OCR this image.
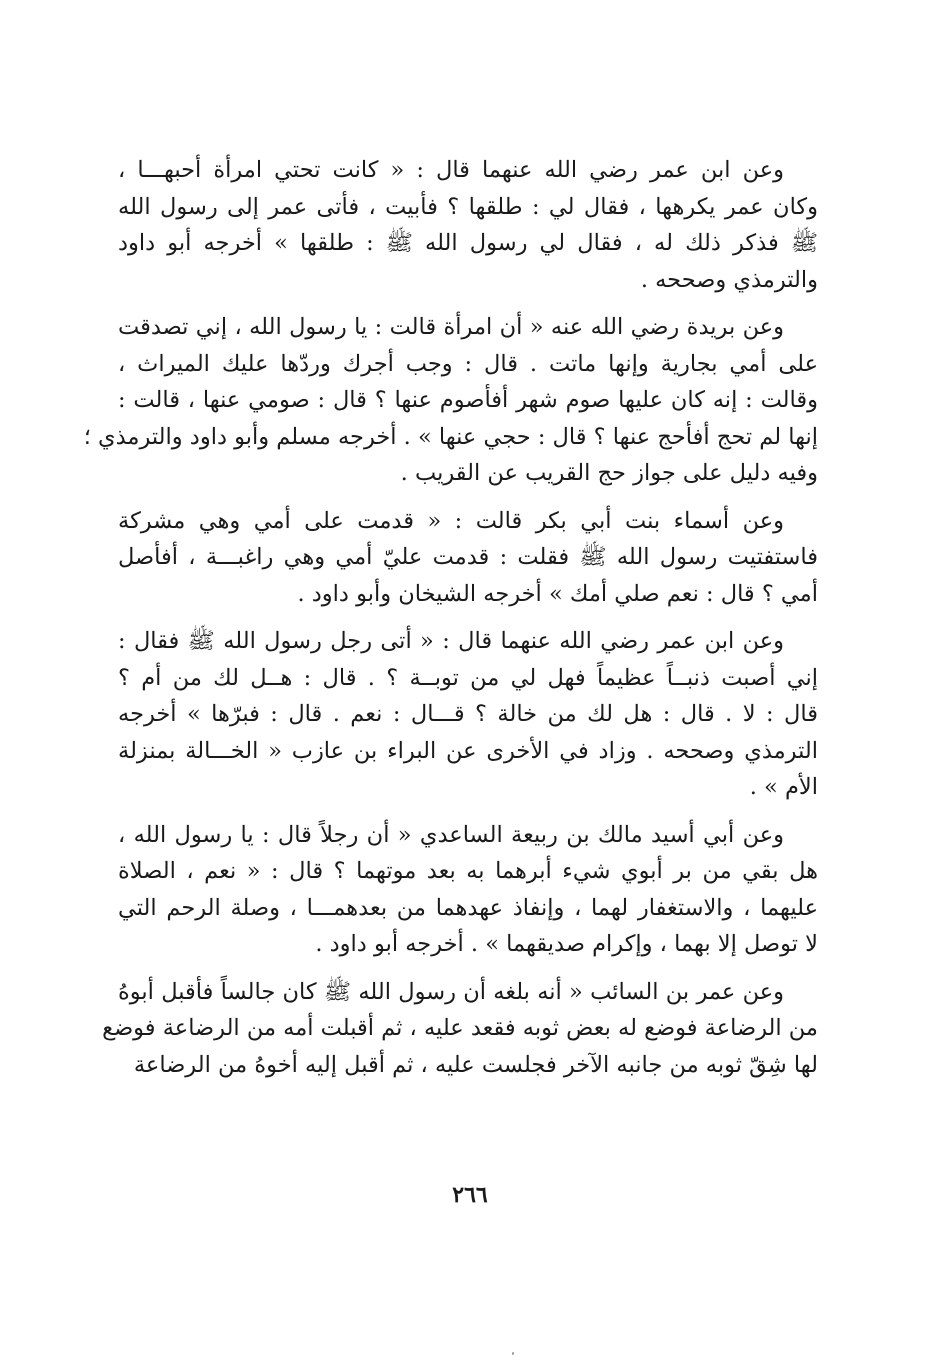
وعن ابن عمر رضي الله عنهما قال : « كانت تحتي امرأة أحبهـــا ،
وكان عمر يكرهها ، فقال لي : طلقها ؟ فأبيت ، فأتى عمر إلى رسول الله
ﷺ فذكر ذلك له ، فقال لي رسول الله ﷺ : طلقها » أخرجه أبو داود
والترمذي وصححه .

وعن بريدة رضي الله عنه « أن امرأة قالت : يا رسول الله ، إني تصدقت
على أمي بجارية وإنها ماتت . قال : وجب أجرك وردّها عليك الميراث ،
وقالت : إنه كان عليها صوم شهر أفأصوم عنها ؟ قال : صومي عنها ، قالت :
إنها لم تحج أفأحج عنها ؟ قال : حجي عنها » . أخرجه مسلم وأبو داود والترمذي ؛
وفيه دليل على جواز حج القريب عن القريب .

وعن أسماء بنت أبي بكر قالت : « قدمت على أمي وهي مشركة
فاستفتيت رسول الله ﷺ فقلت : قدمت عليّ أمي وهي راغبـــة ، أفأصل
أمي ؟ قال : نعم صلي أمك » أخرجه الشيخان وأبو داود .

وعن ابن عمر رضي الله عنهما قال : « أتى رجل رسول الله ﷺ فقال :
إني أصبت ذنبــاً عظيماً فهل لي من توبــة ؟ . قال : هــل لك من أم ؟
قال : لا . قال : هل لك من خالة ؟ قـــال : نعم . قال : فبرّها » أخرجه
الترمذي وصححه . وزاد في الأخرى عن البراء بن عازب « الخـــالة بمنزلة
الأم » .

وعن أبي أسيد مالك بن ربيعة الساعدي « أن رجلاً قال : يا رسول الله ،
هل بقي من بر أبوي شيء أبرهما به بعد موتهما ؟ قال : « نعم ، الصلاة
عليهما ، والاستغفار لهما ، وإنفاذ عهدهما من بعدهمـــا ، وصلة الرحم التي
لا توصل إلا بهما ، وإكرام صديقهما » . أخرجه أبو داود .

وعن عمر بن السائب « أنه بلغه أن رسول الله ﷺ كان جالساً فأقبل أبوهُ
من الرضاعة فوضع له بعض ثوبه فقعد عليه ، ثم أقبلت أمه من الرضاعة فوضع
لها شِقّ ثوبه من جانبه الآخر فجلست عليه ، ثم أقبل إليه أخوهُ من الرضاعة

٢٦٦
